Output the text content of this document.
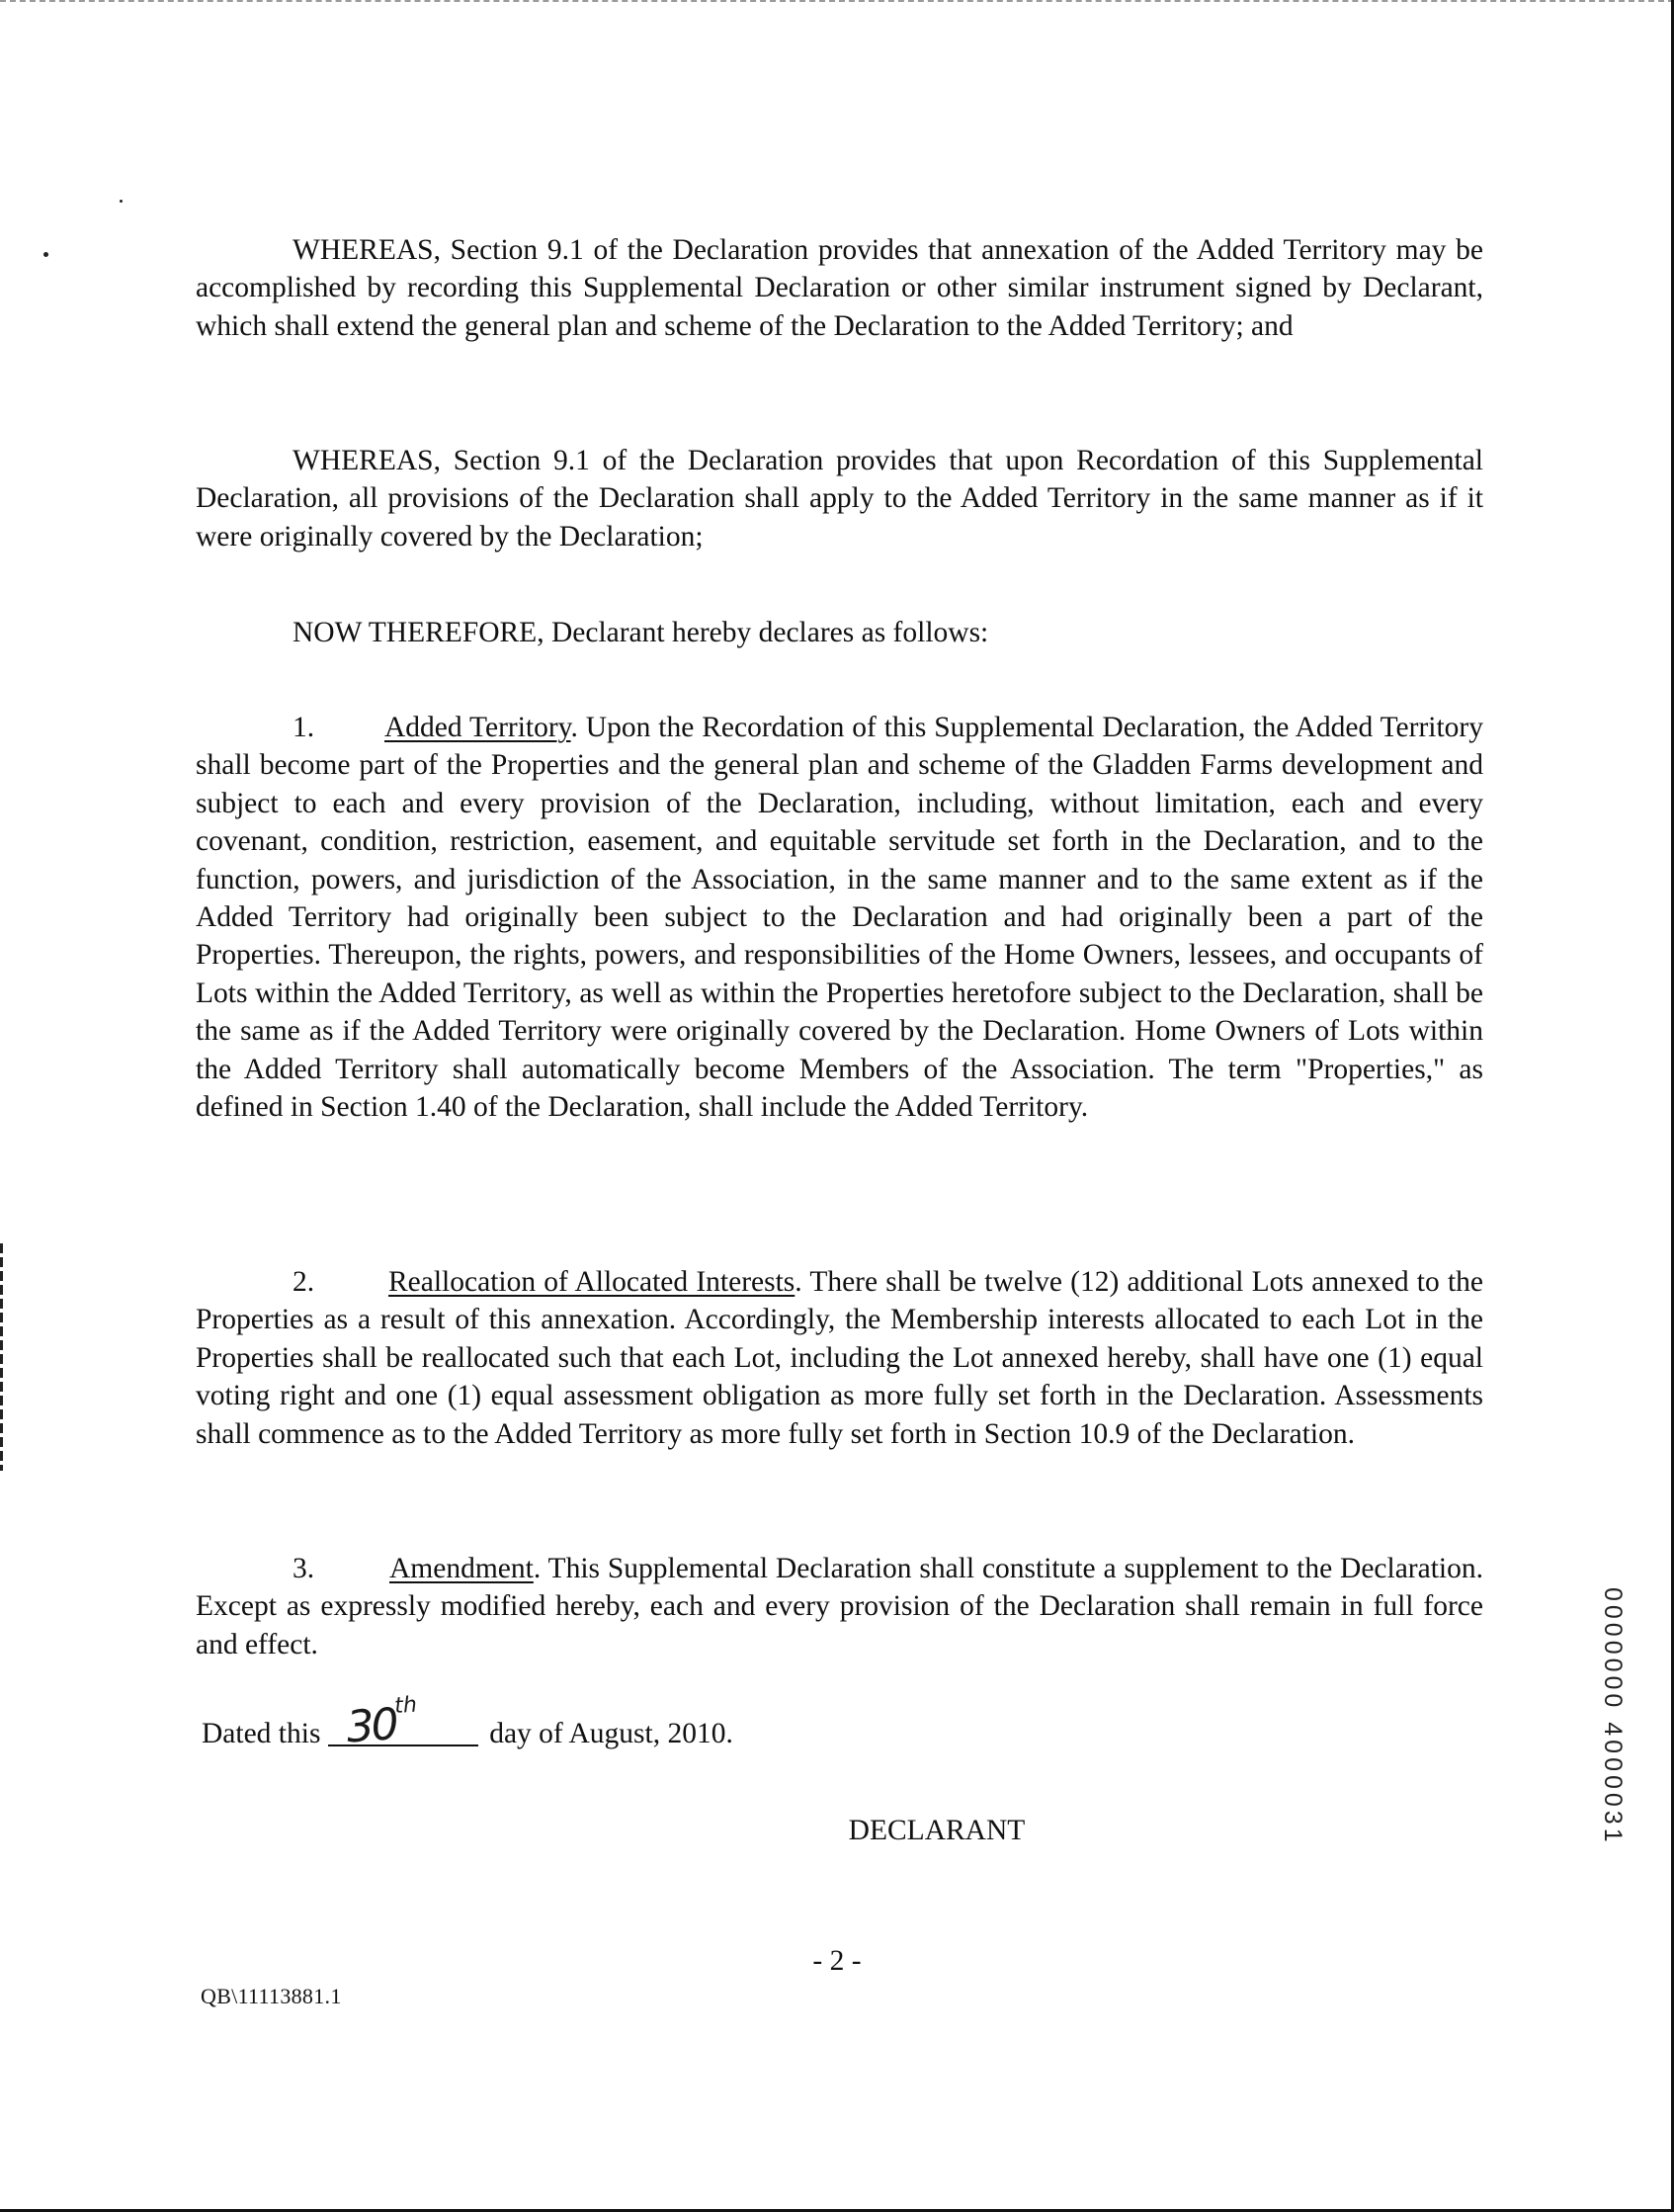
WHEREAS, Section 9.1 of the Declaration provides that annexation of the Added Territory may be accomplished by recording this Supplemental Declaration or other similar instrument signed by Declarant, which shall extend the general plan and scheme of the Declaration to the Added Territory; and

WHEREAS, Section 9.1 of the Declaration provides that upon Recordation of this Supplemental Declaration, all provisions of the Declaration shall apply to the Added Territory in the same manner as if it were originally covered by the Declaration;

NOW THEREFORE, Declarant hereby declares as follows:

1. Added Territory. Upon the Recordation of this Supplemental Declaration, the Added Territory shall become part of the Properties and the general plan and scheme of the Gladden Farms development and subject to each and every provision of the Declaration, including, without limitation, each and every covenant, condition, restriction, easement, and equitable servitude set forth in the Declaration, and to the function, powers, and jurisdiction of the Association, in the same manner and to the same extent as if the Added Territory had originally been subject to the Declaration and had originally been a part of the Properties. Thereupon, the rights, powers, and responsibilities of the Home Owners, lessees, and occupants of Lots within the Added Territory, as well as within the Properties heretofore subject to the Declaration, shall be the same as if the Added Territory were originally covered by the Declaration. Home Owners of Lots within the Added Territory shall automatically become Members of the Association. The term "Properties," as defined in Section 1.40 of the Declaration, shall include the Added Territory.

2.	Reallocation of Allocated Interests. There shall be twelve (12) additional Lots annexed to the Properties as a result of this annexation. Accordingly, the Membership interests allocated to each Lot in the Properties shall be reallocated such that each Lot, including the Lot annexed hereby, shall have one (1) equal voting right and one (1) equal assessment obligation as more fully set forth in the Declaration. Assessments shall commence as to the Added Territory as more fully set forth in Section 10.9 of the Declaration.

3.	Amendment. This Supplemental Declaration shall constitute a supplement to the Declaration. Except as expressly modified hereby, each and every provision of the Declaration shall remain in full force and effect.

Dated this 30th
day of August, 2010.
DECLARANT
- 2 -
QB\11113881.1
0000000 4000031
